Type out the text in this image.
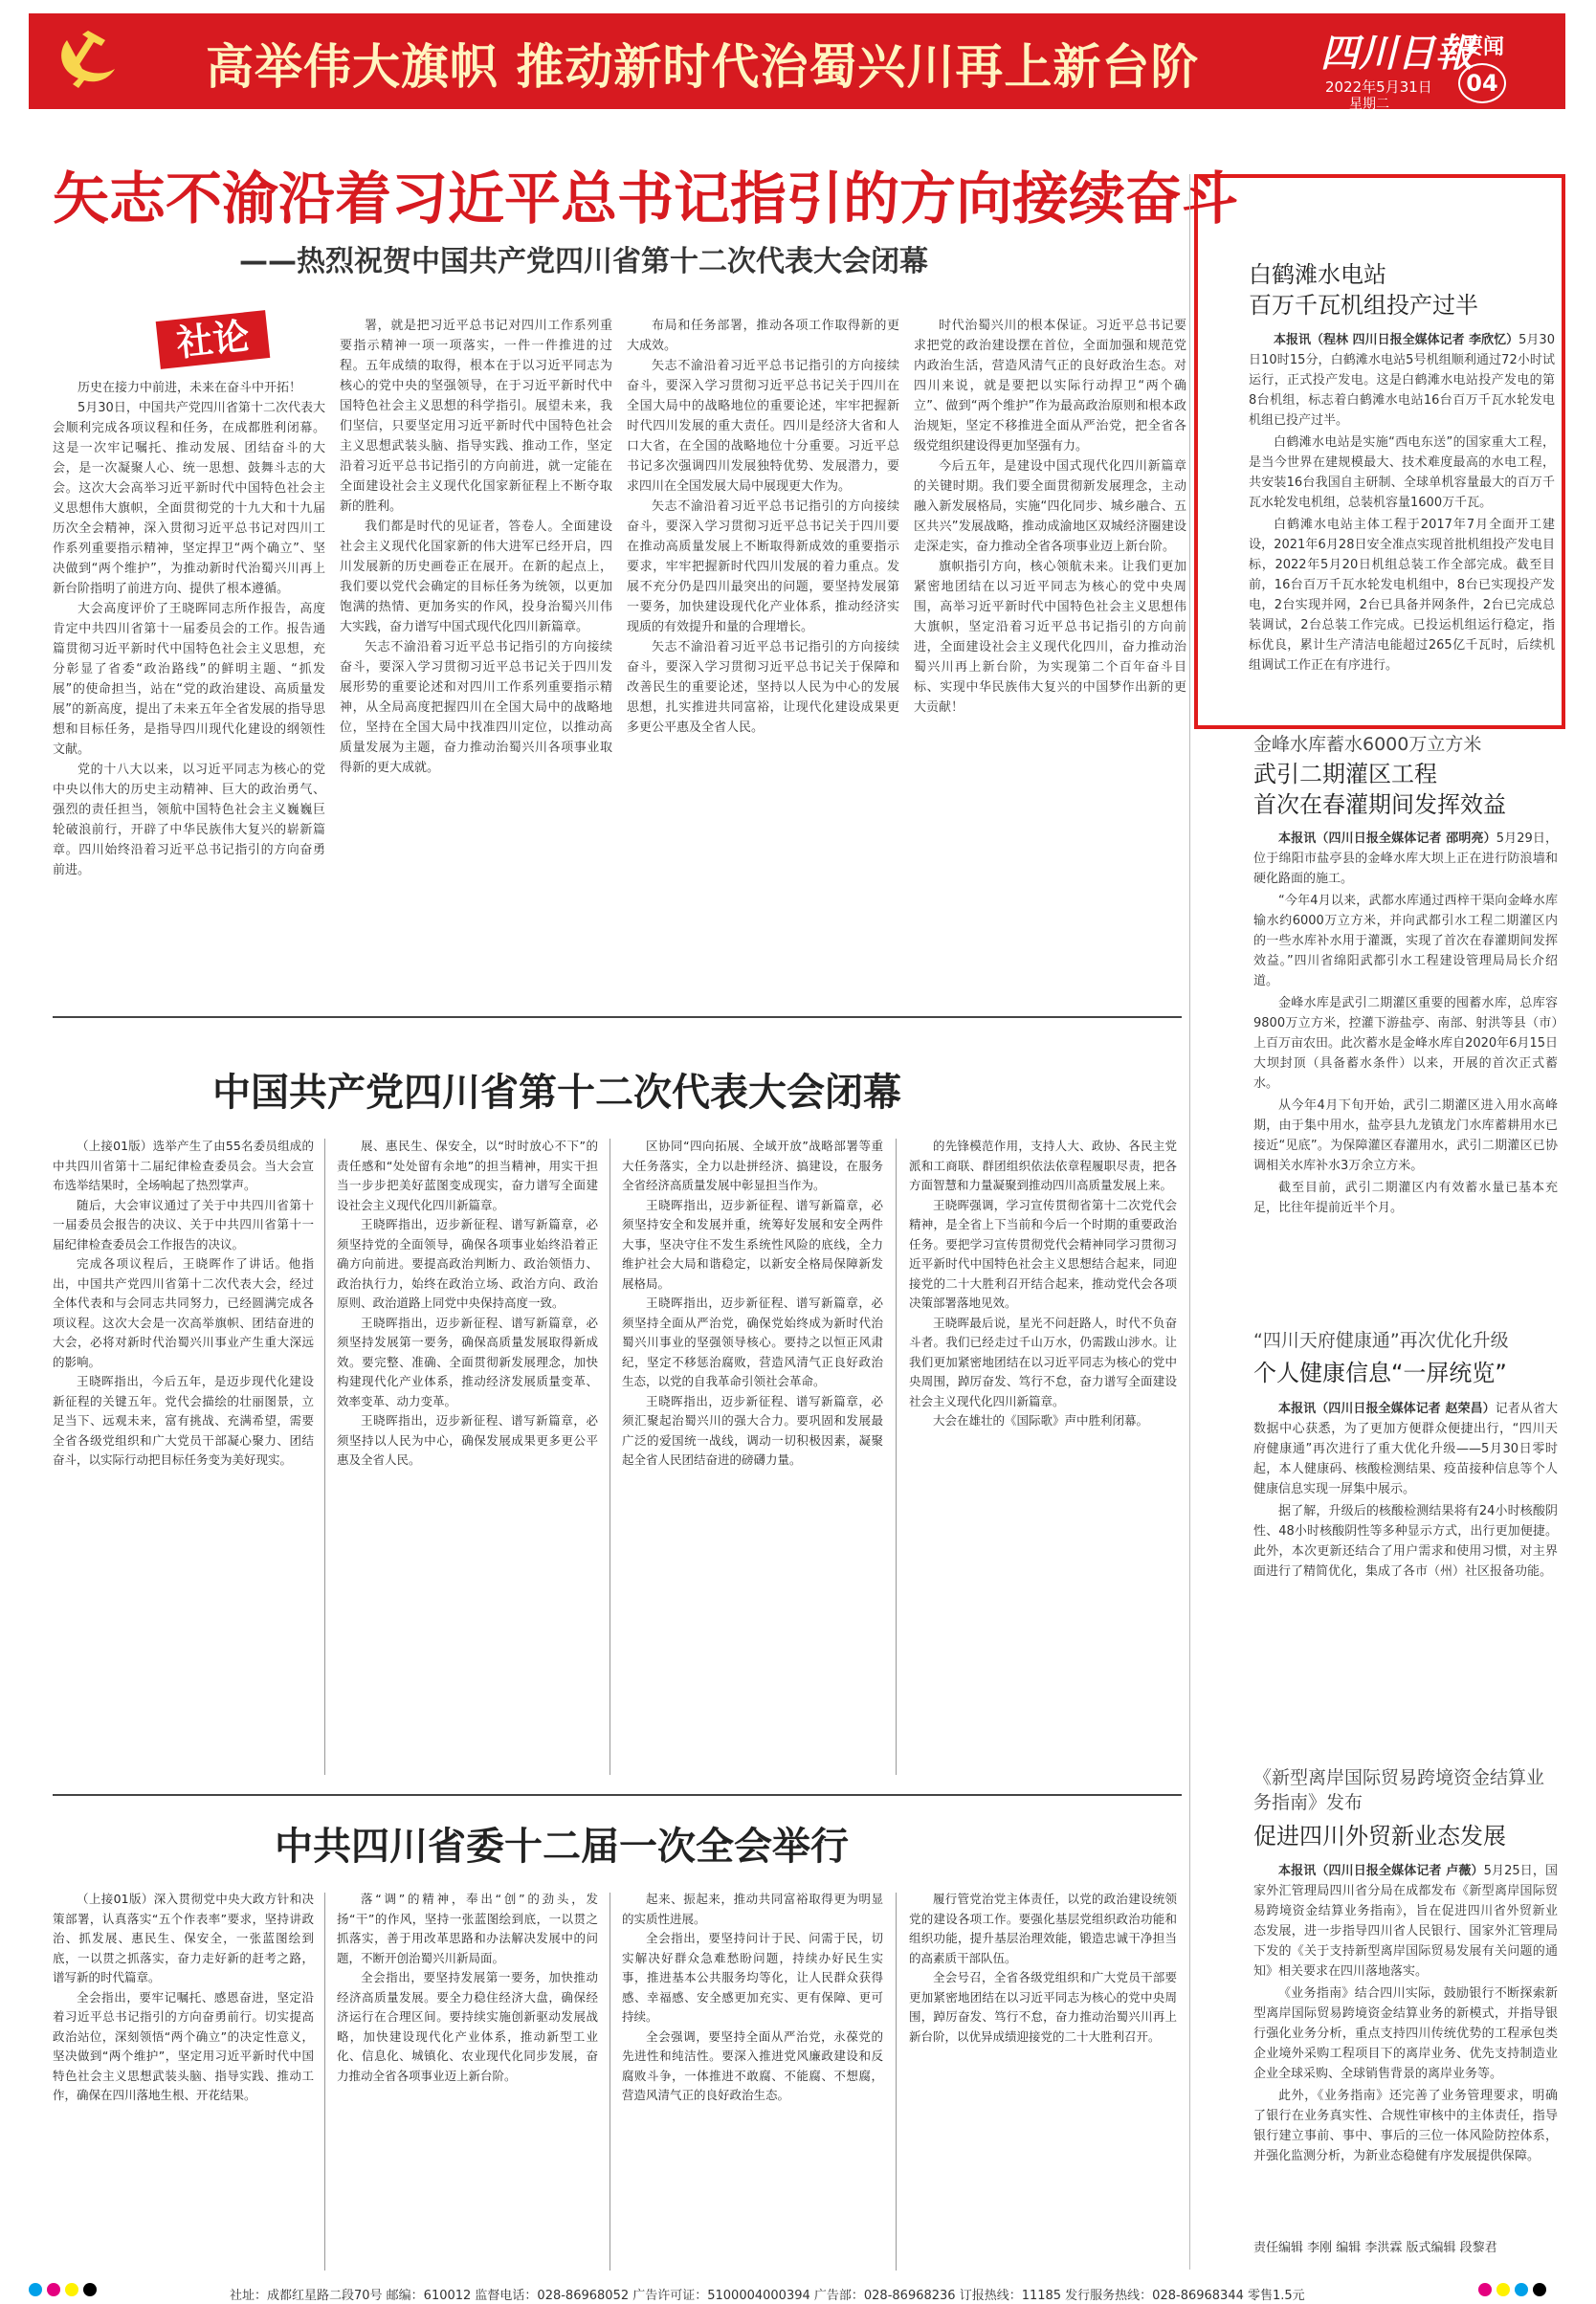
高举伟大旗帜 推动新时代治蜀兴川再上新台阶	四川日報
2022年5月31日
星期二
要闻
04
矢志不渝沿着习近平总书记指引的方向接续奋斗
——热烈祝贺中国共产党四川省第十二次代表大会闭幕
社论

历史在接力中前进，未来在奋斗中开拓！

5月30日，中国共产党四川省第十二次代表大会顺利完成各项议程和任务，在成都胜利闭幕。这是一次牢记嘱托、推动发展、团结奋斗的大会，是一次凝聚人心、统一思想、鼓舞斗志的大会。这次大会高举习近平新时代中国特色社会主义思想伟大旗帜，全面贯彻党的十九大和十九届历次全会精神，深入贯彻习近平总书记对四川工作系列重要指示精神，坚定捍卫“两个确立”、坚决做到“两个维护”，为推动新时代治蜀兴川再上新台阶指明了前进方向、提供了根本遵循。

大会高度评价了王晓晖同志所作报告，高度肯定中共四川省第十一届委员会的工作。报告通篇贯彻习近平新时代中国特色社会主义思想，充分彰显了省委“政治路线”的鲜明主题、“抓发展”的使命担当，站在“党的政治建设、高质量发展”的新高度，提出了未来五年全省发展的指导思想和目标任务，是指导四川现代化建设的纲领性文献。

党的十八大以来，以习近平同志为核心的党中央以伟大的历史主动精神、巨大的政治勇气、强烈的责任担当，领航中国特色社会主义巍巍巨轮破浪前行，开辟了中华民族伟大复兴的崭新篇章。四川始终沿着习近平总书记指引的方向奋勇前进。

署，就是把习近平总书记对四川工作系列重要指示精神一项一项落实，一件一件推进的过程。五年成绩的取得，根本在于以习近平同志为核心的党中央的坚强领导，在于习近平新时代中国特色社会主义思想的科学指引。展望未来，我们坚信，只要坚定用习近平新时代中国特色社会主义思想武装头脑、指导实践、推动工作，坚定沿着习近平总书记指引的方向前进，就一定能在全面建设社会主义现代化国家新征程上不断夺取新的胜利。

我们都是时代的见证者，答卷人。全面建设社会主义现代化国家新的伟大进军已经开启，四川发展新的历史画卷正在展开。在新的起点上，我们要以党代会确定的目标任务为统领，以更加饱满的热情、更加务实的作风，投身治蜀兴川伟大实践，奋力谱写中国式现代化四川新篇章。

矢志不渝沿着习近平总书记指引的方向接续奋斗，要深入学习贯彻习近平总书记关于四川发展形势的重要论述和对四川工作系列重要指示精神，从全局高度把握四川在全国大局中的战略地位，坚持在全国大局中找准四川定位，以推动高质量发展为主题，奋力推动治蜀兴川各项事业取得新的更大成就。

布局和任务部署，推动各项工作取得新的更大成效。

矢志不渝沿着习近平总书记指引的方向接续奋斗，要深入学习贯彻习近平总书记关于四川在全国大局中的战略地位的重要论述，牢牢把握新时代四川发展的重大责任。四川是经济大省和人口大省，在全国的战略地位十分重要。习近平总书记多次强调四川发展独特优势、发展潜力，要求四川在全国发展大局中展现更大作为。

矢志不渝沿着习近平总书记指引的方向接续奋斗，要深入学习贯彻习近平总书记关于四川要在推动高质量发展上不断取得新成效的重要指示要求，牢牢把握新时代四川发展的着力重点。发展不充分仍是四川最突出的问题，要坚持发展第一要务，加快建设现代化产业体系，推动经济实现质的有效提升和量的合理增长。

矢志不渝沿着习近平总书记指引的方向接续奋斗，要深入学习贯彻习近平总书记关于保障和改善民生的重要论述，坚持以人民为中心的发展思想，扎实推进共同富裕，让现代化建设成果更多更公平惠及全省人民。

时代治蜀兴川的根本保证。习近平总书记要求把党的政治建设摆在首位，全面加强和规范党内政治生活，营造风清气正的良好政治生态。对四川来说，就是要把以实际行动捍卫“两个确立”、做到“两个维护”作为最高政治原则和根本政治规矩，坚定不移推进全面从严治党，把全省各级党组织建设得更加坚强有力。

今后五年，是建设中国式现代化四川新篇章的关键时期。我们要全面贯彻新发展理念，主动融入新发展格局，实施“四化同步、城乡融合、五区共兴”发展战略，推动成渝地区双城经济圈建设走深走实，奋力推动全省各项事业迈上新台阶。

旗帜指引方向，核心领航未来。让我们更加紧密地团结在以习近平同志为核心的党中央周围，高举习近平新时代中国特色社会主义思想伟大旗帜，坚定沿着习近平总书记指引的方向前进，全面建设社会主义现代化四川，奋力推动治蜀兴川再上新台阶，为实现第二个百年奋斗目标、实现中华民族伟大复兴的中国梦作出新的更大贡献！

中国共产党四川省第十二次代表大会闭幕

（上接01版）选举产生了由55名委员组成的中共四川省第十二届纪律检查委员会。当大会宣布选举结果时，全场响起了热烈掌声。

随后，大会审议通过了关于中共四川省第十一届委员会报告的决议、关于中共四川省第十一届纪律检查委员会工作报告的决议。

完成各项议程后，王晓晖作了讲话。他指出，中国共产党四川省第十二次代表大会，经过全体代表和与会同志共同努力，已经圆满完成各项议程。这次大会是一次高举旗帜、团结奋进的大会，必将对新时代治蜀兴川事业产生重大深远的影响。

王晓晖指出，今后五年，是迈步现代化建设新征程的关键五年。党代会描绘的壮丽图景，立足当下、远观未来，富有挑战、充满希望，需要全省各级党组织和广大党员干部凝心聚力、团结奋斗，以实际行动把目标任务变为美好现实。

展、惠民生、保安全，以“时时放心不下”的责任感和“处处留有余地”的担当精神，用实干担当一步步把美好蓝图变成现实，奋力谱写全面建设社会主义现代化四川新篇章。

王晓晖指出，迈步新征程、谱写新篇章，必须坚持党的全面领导，确保各项事业始终沿着正确方向前进。要提高政治判断力、政治领悟力、政治执行力，始终在政治立场、政治方向、政治原则、政治道路上同党中央保持高度一致。

王晓晖指出，迈步新征程、谱写新篇章，必须坚持发展第一要务，确保高质量发展取得新成效。要完整、准确、全面贯彻新发展理念，加快构建现代化产业体系，推动经济发展质量变革、效率变革、动力变革。

王晓晖指出，迈步新征程、谱写新篇章，必须坚持以人民为中心，确保发展成果更多更公平惠及全省人民。

区协同“四向拓展、全域开放”战略部署等重大任务落实，全力以赴拼经济、搞建设，在服务全省经济高质量发展中彰显担当作为。

王晓晖指出，迈步新征程、谱写新篇章，必须坚持安全和发展并重，统筹好发展和安全两件大事，坚决守住不发生系统性风险的底线，全力维护社会大局和谐稳定，以新安全格局保障新发展格局。

王晓晖指出，迈步新征程、谱写新篇章，必须坚持全面从严治党，确保党始终成为新时代治蜀兴川事业的坚强领导核心。要持之以恒正风肃纪，坚定不移惩治腐败，营造风清气正良好政治生态，以党的自我革命引领社会革命。

王晓晖指出，迈步新征程、谱写新篇章，必须汇聚起治蜀兴川的强大合力。要巩固和发展最广泛的爱国统一战线，调动一切积极因素，凝聚起全省人民团结奋进的磅礴力量。

的先锋模范作用，支持人大、政协、各民主党派和工商联、群团组织依法依章程履职尽责，把各方面智慧和力量凝聚到推动四川高质量发展上来。

王晓晖强调，学习宣传贯彻省第十二次党代会精神，是全省上下当前和今后一个时期的重要政治任务。要把学习宣传贯彻党代会精神同学习贯彻习近平新时代中国特色社会主义思想结合起来，同迎接党的二十大胜利召开结合起来，推动党代会各项决策部署落地见效。

王晓晖最后说，星光不问赶路人，时代不负奋斗者。我们已经走过千山万水，仍需跋山涉水。让我们更加紧密地团结在以习近平同志为核心的党中央周围，踔厉奋发、笃行不怠，奋力谱写全面建设社会主义现代化四川新篇章。

大会在雄壮的《国际歌》声中胜利闭幕。

中共四川省委十二届一次全会举行

（上接01版）深入贯彻党中央大政方针和决策部署，认真落实“五个作表率”要求，坚持讲政治、抓发展、惠民生、保安全，一张蓝图绘到底，一以贯之抓落实，奋力走好新的赶考之路，谱写新的时代篇章。

全会指出，要牢记嘱托、感恩奋进，坚定沿着习近平总书记指引的方向奋勇前行。切实提高政治站位，深刻领悟“两个确立”的决定性意义，坚决做到“两个维护”，坚定用习近平新时代中国特色社会主义思想武装头脑、指导实践、推动工作，确保在四川落地生根、开花结果。

落“调”的精神，奉出“创”的劲头，发扬“干”的作风，坚持一张蓝图绘到底，一以贯之抓落实，善于用改革思路和办法解决发展中的问题，不断开创治蜀兴川新局面。

全会指出，要坚持发展第一要务，加快推动经济高质量发展。要全力稳住经济大盘，确保经济运行在合理区间。要持续实施创新驱动发展战略，加快建设现代化产业体系，推动新型工业化、信息化、城镇化、农业现代化同步发展，奋力推动全省各项事业迈上新台阶。

起来、振起来，推动共同富裕取得更为明显的实质性进展。

全会指出，要坚持问计于民、问需于民，切实解决好群众急难愁盼问题，持续办好民生实事，推进基本公共服务均等化，让人民群众获得感、幸福感、安全感更加充实、更有保障、更可持续。

全会强调，要坚持全面从严治党，永葆党的先进性和纯洁性。要深入推进党风廉政建设和反腐败斗争，一体推进不敢腐、不能腐、不想腐，营造风清气正的良好政治生态。

履行管党治党主体责任，以党的政治建设统领党的建设各项工作。要强化基层党组织政治功能和组织功能，提升基层治理效能，锻造忠诚干净担当的高素质干部队伍。

全会号召，全省各级党组织和广大党员干部要更加紧密地团结在以习近平同志为核心的党中央周围，踔厉奋发、笃行不怠，奋力推动治蜀兴川再上新台阶，以优异成绩迎接党的二十大胜利召开。

白鹤滩水电站
百万千瓦机组投产过半

本报讯（程林 四川日报全媒体记者 李欣忆）5月30日10时15分，白鹤滩水电站5号机组顺利通过72小时试运行，正式投产发电。这是白鹤滩水电站投产发电的第8台机组，标志着白鹤滩水电站16台百万千瓦水轮发电机组已投产过半。

白鹤滩水电站是实施“西电东送”的国家重大工程，是当今世界在建规模最大、技术难度最高的水电工程，共安装16台我国自主研制、全球单机容量最大的百万千瓦水轮发电机组，总装机容量1600万千瓦。

白鹤滩水电站主体工程于2017年7月全面开工建设，2021年6月28日安全准点实现首批机组投产发电目标，2022年5月20日机组总装工作全部完成。截至目前，16台百万千瓦水轮发电机组中，8台已实现投产发电，2台实现并网，2台已具备并网条件，2台已完成总装调试，2台总装工作完成。已投运机组运行稳定，指标优良，累计生产清洁电能超过265亿千瓦时，后续机组调试工作正在有序进行。

金峰水库蓄水6000万立方米
武引二期灌区工程
首次在春灌期间发挥效益

本报讯（四川日报全媒体记者 邵明亮）5月29日，位于绵阳市盐亭县的金峰水库大坝上正在进行防浪墙和硬化路面的施工。

“今年4月以来，武都水库通过西梓干渠向金峰水库输水约6000万立方米，并向武都引水工程二期灌区内的一些水库补水用于灌溉，实现了首次在春灌期间发挥效益。”四川省绵阳武都引水工程建设管理局局长介绍道。

金峰水库是武引二期灌区重要的囤蓄水库，总库容9800万立方米，控灌下游盐亭、南部、射洪等县（市）上百万亩农田。此次蓄水是金峰水库自2020年6月15日大坝封顶（具备蓄水条件）以来，开展的首次正式蓄水。

从今年4月下旬开始，武引二期灌区进入用水高峰期，由于集中用水，盐亭县九龙镇龙门水库蓄耕用水已接近“见底”。为保障灌区春灌用水，武引二期灌区已协调相关水库补水3万余立方米。

截至目前，武引二期灌区内有效蓄水量已基本充足，比往年提前近半个月。

“四川天府健康通”再次优化升级
个人健康信息“一屏统览”

本报讯（四川日报全媒体记者 赵荣昌）记者从省大数据中心获悉，为了更加方便群众便捷出行，“四川天府健康通”再次进行了重大优化升级——5月30日零时起，本人健康码、核酸检测结果、疫苗接种信息等个人健康信息实现一屏集中展示。

据了解，升级后的核酸检测结果将有24小时核酸阴性、48小时核酸阴性等多种显示方式，出行更加便捷。此外，本次更新还结合了用户需求和使用习惯，对主界面进行了精简优化，集成了各市（州）社区报备功能。

《新型离岸国际贸易跨境资金结算业务指南》发布
促进四川外贸新业态发展

本报讯（四川日报全媒体记者 卢薇）5月25日，国家外汇管理局四川省分局在成都发布《新型离岸国际贸易跨境资金结算业务指南》，旨在促进四川省外贸新业态发展，进一步指导四川省人民银行、国家外汇管理局下发的《关于支持新型离岸国际贸易发展有关问题的通知》相关要求在四川落地落实。

《业务指南》结合四川实际，鼓励银行不断探索新型离岸国际贸易跨境资金结算业务的新模式，并指导银行强化业务分析，重点支持四川传统优势的工程承包类企业境外采购工程项目下的离岸业务、优先支持制造业企业全球采购、全球销售背景的离岸业务等。

此外，《业务指南》还完善了业务管理要求，明确了银行在业务真实性、合规性审核中的主体责任，指导银行建立事前、事中、事后的三位一体风险防控体系，并强化监测分析，为新业态稳健有序发展提供保障。

责任编辑 李刚 编辑 李洪霖 版式编辑 段黎君
社址：成都红星路二段70号 邮编：610012 监督电话：028-86968052 广告许可证：5100004000394 广告部：028-86968236 订报热线：11185 发行服务热线：028-86968344 零售1.5元
